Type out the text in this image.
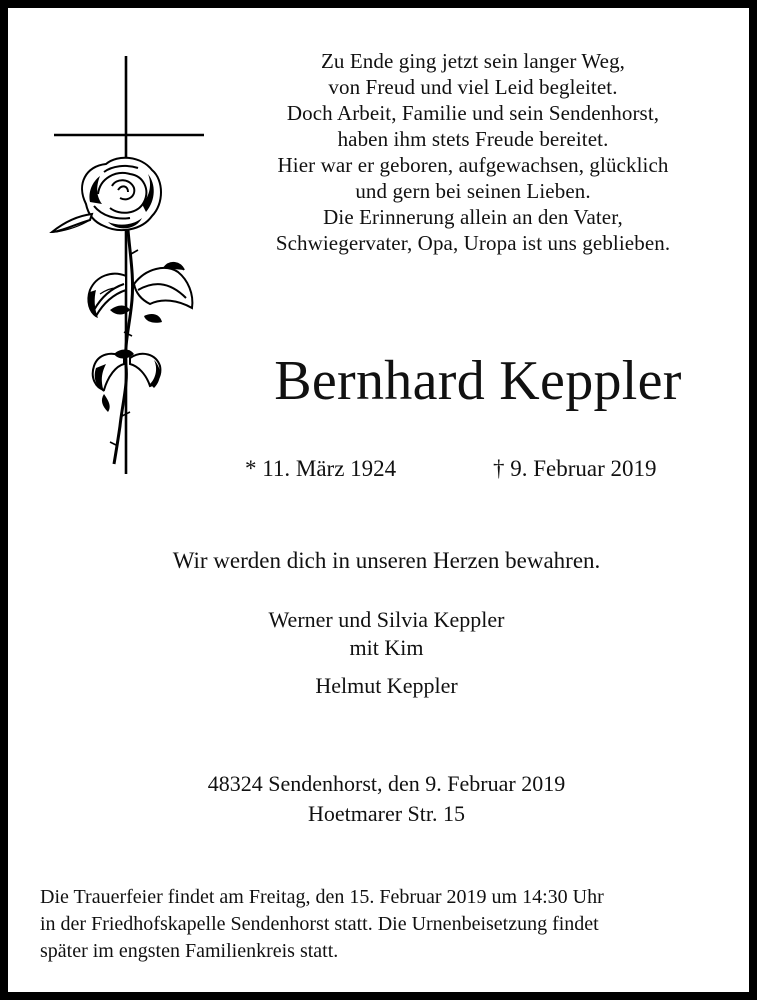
Zu Ende ging jetzt sein langer Weg,
von Freud und viel Leid begleitet.
Doch Arbeit, Familie und sein Sendenhorst,
haben ihm stets Freude bereitet.
Hier war er geboren, aufgewachsen, glücklich
und gern bei seinen Lieben.
Die Erinnerung allein an den Vater,
Schwiegervater, Opa, Uropa ist uns geblieben.
Bernhard Keppler
* 11. März 1924	† 9. Februar 2019
Wir werden dich in unseren Herzen bewahren.
Werner und Silvia Keppler
mit Kim
Helmut Keppler
48324 Sendenhorst, den 9. Februar 2019
Hoetmarer Str. 15
Die Trauerfeier findet am Freitag, den 15. Februar 2019 um 14:30 Uhr
in der Friedhofskapelle Sendenhorst statt. Die Urnenbeisetzung findet
später im engsten Familienkreis statt.
